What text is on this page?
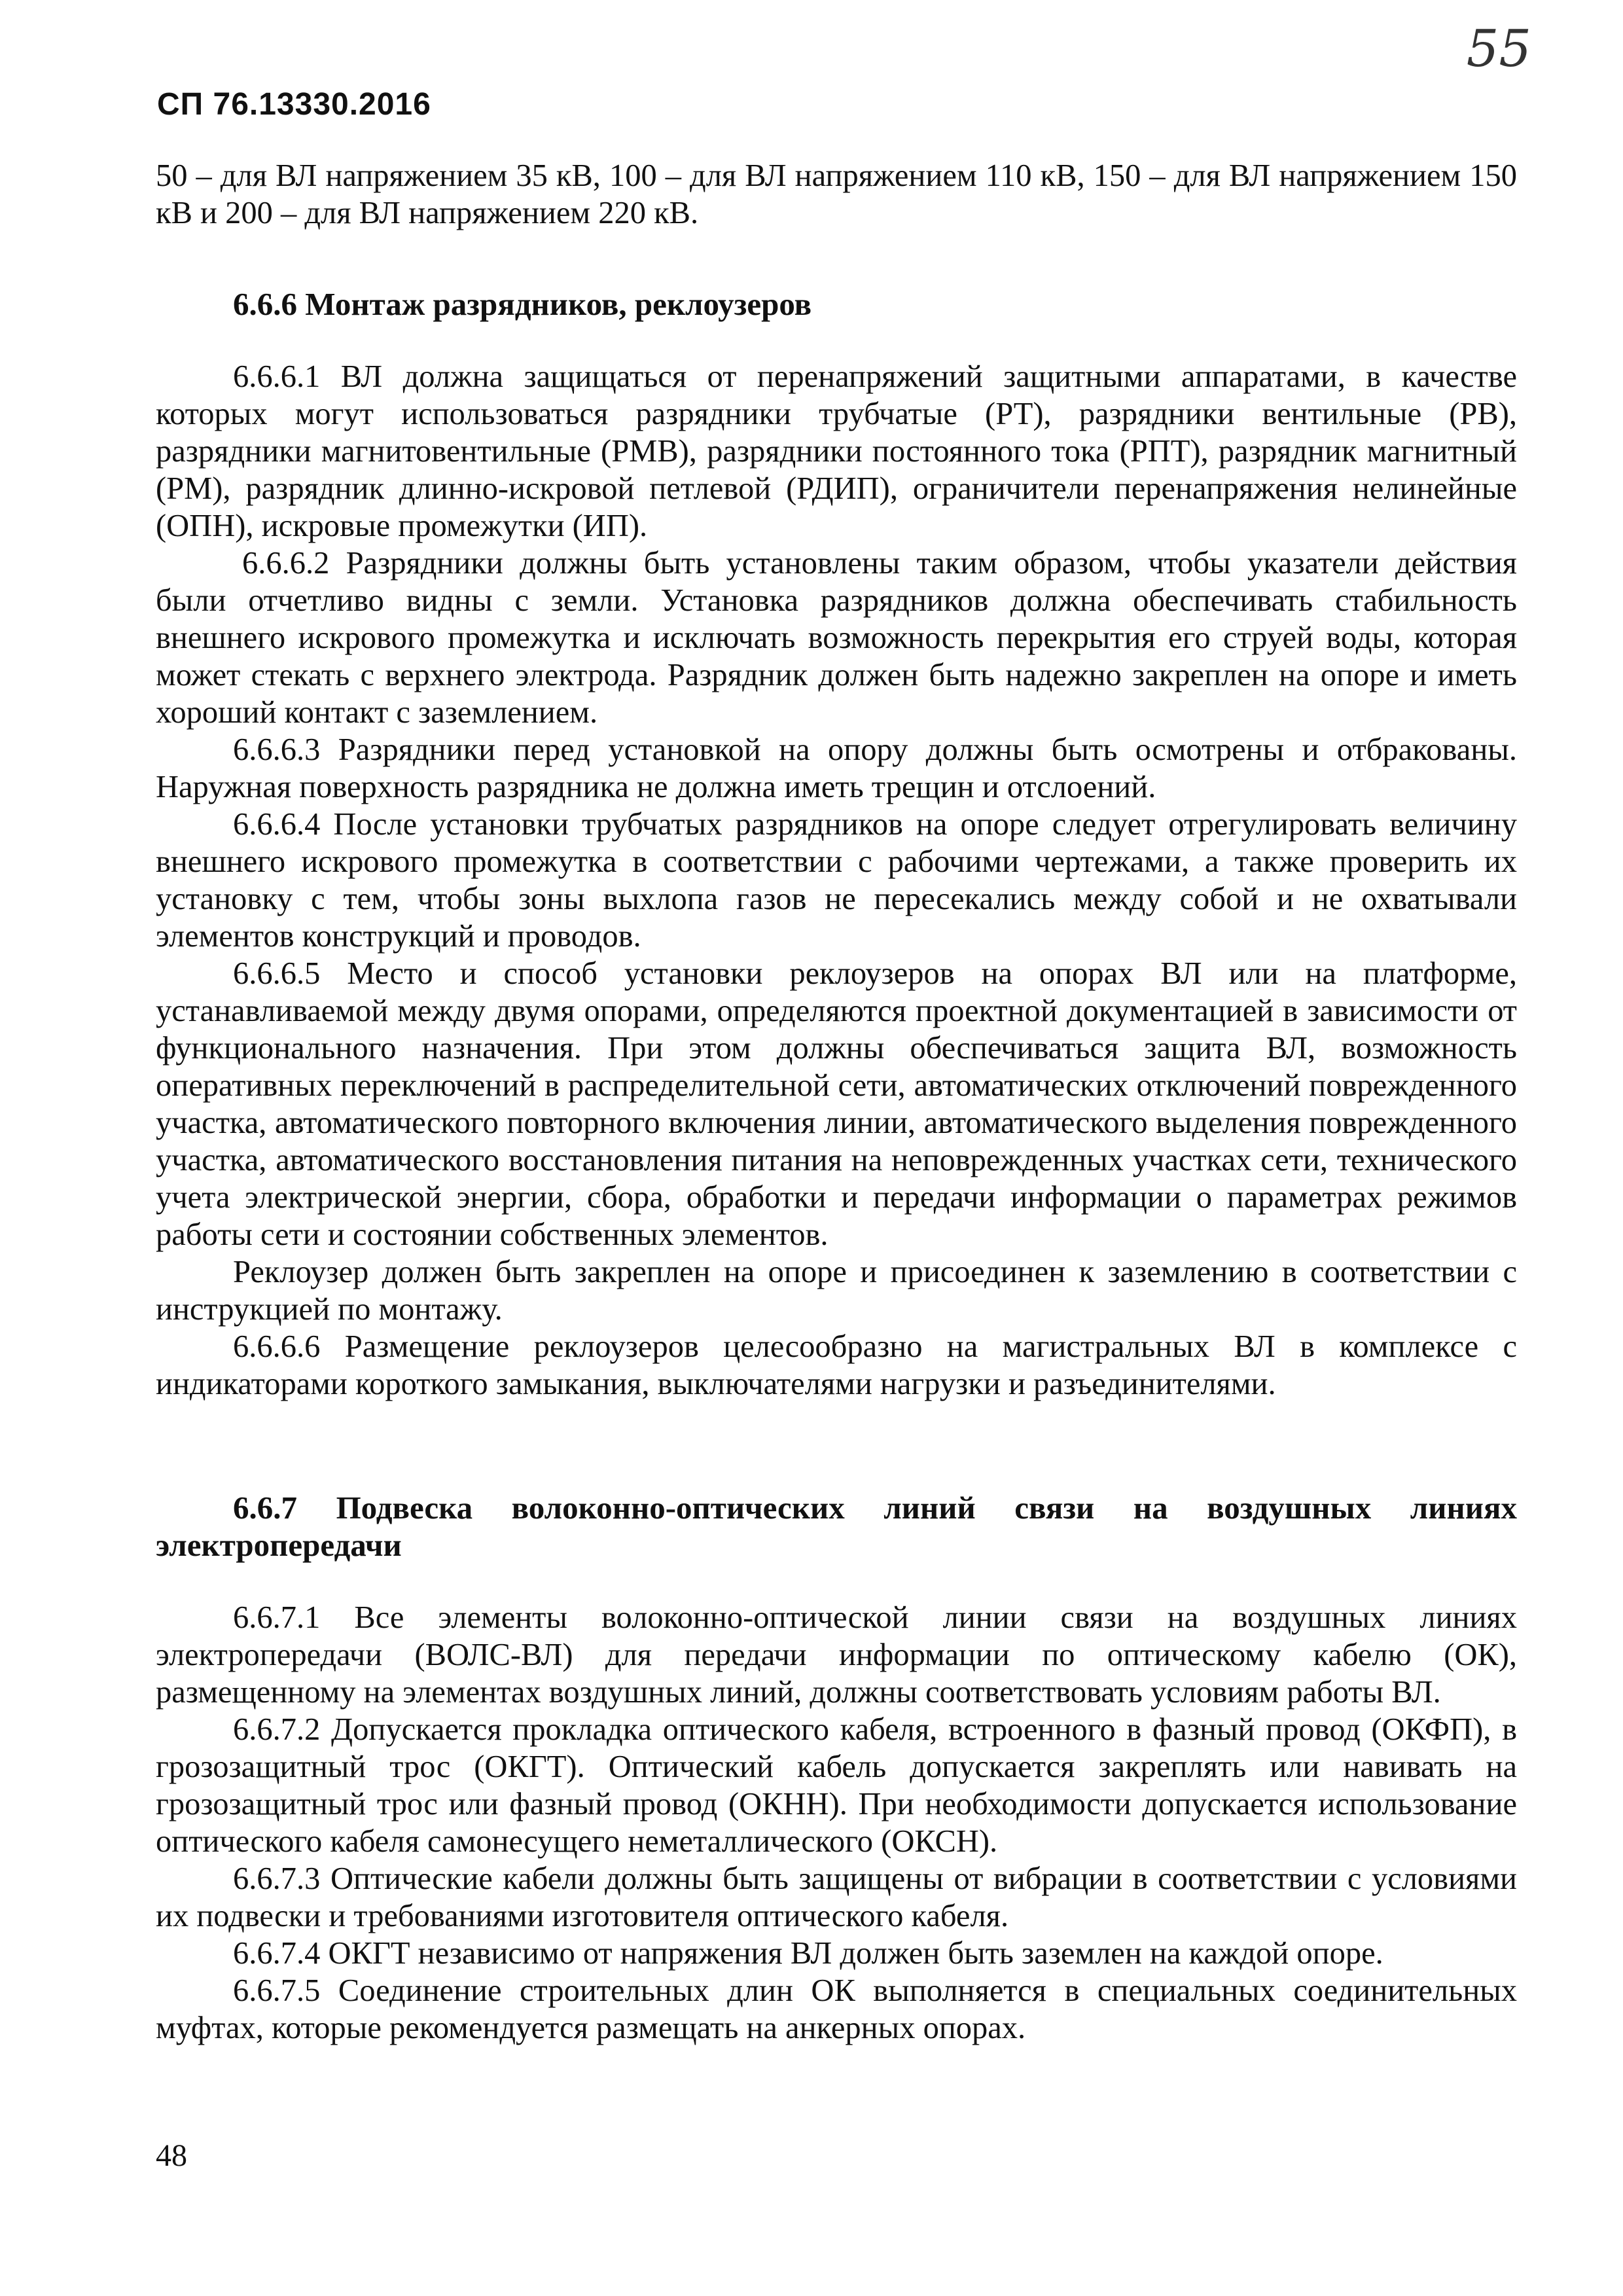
СП 76.13330.2016
55

50 – для ВЛ напряжением 35 кВ, 100 – для ВЛ напряжением 110 кВ, 150 – для ВЛ напряжением 150 кВ и 200 – для ВЛ напряжением 220 кВ.

6.6.6 Монтаж разрядников, реклоузеров

6.6.6.1 ВЛ должна защищаться от перенапряжений защитными аппаратами, в качестве которых могут использоваться разрядники трубчатые (РТ), разрядники вентильные (РВ), разрядники магнитовентильные (РМВ), разрядники постоянного тока (РПТ), разрядник магнитный (РМ), разрядник длинно-искровой петлевой (РДИП), ограничители перенапряжения нелинейные (ОПН), искровые промежутки (ИП).

6.6.6.2 Разрядники должны быть установлены таким образом, чтобы указатели действия были отчетливо видны с земли. Установка разрядников должна обеспечивать стабильность внешнего искрового промежутка и исключать возможность перекрытия его струей воды, которая может стекать с верхнего электрода. Разрядник должен быть надежно закреплен на опоре и иметь хороший контакт с заземлением.

6.6.6.3 Разрядники перед установкой на опору должны быть осмотрены и отбракованы. Наружная поверхность разрядника не должна иметь трещин и отслоений.

6.6.6.4 После установки трубчатых разрядников на опоре следует отрегулировать величину внешнего искрового промежутка в соответствии с рабочими чертежами, а также проверить их установку с тем, чтобы зоны выхлопа газов не пересекались между собой и не охватывали элементов конструкций и проводов.

6.6.6.5 Место и способ установки реклоузеров на опорах ВЛ или на платформе, устанавливаемой между двумя опорами, определяются проектной документацией в зависимости от функционального назначения. При этом должны обеспечиваться защита ВЛ, возможность оперативных переключений в распределительной сети, автоматических отключений поврежденного участка, автоматического повторного включения линии, автоматического выделения поврежденного участка, автоматического восстановления питания на неповрежденных участках сети, технического учета электрической энергии, сбора, обработки и передачи информации о параметрах режимов работы сети и состоянии собственных элементов.

Реклоузер должен быть закреплен на опоре и присоединен к заземлению в соответствии с инструкцией по монтажу.

6.6.6.6 Размещение реклоузеров целесообразно на магистральных ВЛ в комплексе с индикаторами короткого замыкания, выключателями нагрузки и разъединителями.

6.6.7 Подвеска волоконно-оптических линий связи на воздушных линиях электропередачи

6.6.7.1 Все элементы волоконно-оптической линии связи на воздушных линиях электропередачи (ВОЛС-ВЛ) для передачи информации по оптическому кабелю (ОК), размещенному на элементах воздушных линий, должны соответствовать условиям работы ВЛ.

6.6.7.2 Допускается прокладка оптического кабеля, встроенного в фазный провод (ОКФП), в грозозащитный трос (ОКГТ). Оптический кабель допускается закреплять или навивать на грозозащитный трос или фазный провод (ОКНН). При необходимости допускается использование оптического кабеля самонесущего неметаллического (ОКСН).

6.6.7.3 Оптические кабели должны быть защищены от вибрации в соответствии с условиями их подвески и требованиями изготовителя оптического кабеля.

6.6.7.4 ОКГТ независимо от напряжения ВЛ должен быть заземлен на каждой опоре.

6.6.7.5 Соединение строительных длин ОК выполняется в специальных соединительных муфтах, которые рекомендуется размещать на анкерных опорах.

48
